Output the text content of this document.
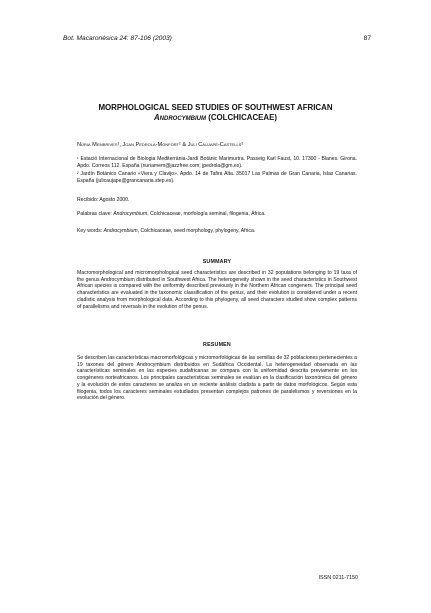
Bot. Macaronésica 24: 87-106 (2003)	87
MORPHOLOGICAL SEED STUDIES OF SOUTHWEST AFRICAN
Androcymbium (COLCHICACEAE)
Núria Membrives¹, Joan Pedrola-Monfort¹ & Juli Caujapé-Castells²
¹ Estació Internacional de Biologia Mediterrània-Jardí Botànic Marimurtra. Passeig Karl Faust, 10. 17300 - Blanes. Girona. Apdo. Correos 112. España (nuriamem@jazzfree.com; jpedrola@gm.es).
² Jardín Botánico Canario «Viera y Clavijo». Apdo. 14 de Tafira Alta. 35017 Las Palmas de Gran Canaria, Islas Canarias. España (julicaujape@grancanaria.step.es).
Recibido: Agosto 2000.
Palabras clave: Androcymbium, Colchicaceae, morfología seminal, filogenia, África.
Key words: Androcymbium, Colchicaceae, seed morphology, phylogeny, Africa.
SUMMARY
Macromorphological and micromorphological seed characteristics are described in 32 populations belonging to 19 taxa of the genus Androcymbium distributed in Southwest Africa. The heterogeneity shown in the seed characteristics in Southwest African species is compared with the uniformity described previously in the Northern African congeners. The principal seed characteristics are evaluated in the taxonomic classification of the genus, and their evolution is considered under a recent cladistic analysis from morphological data. According to this phylogeny, all seed characters studied show complex patterns of parallelisms and reversals in the evolution of the genus.
RESUMEN
Se describen las características macromorfológicas y micromorfológicas de las semillas de 32 poblaciones pertenecientes a 19 taxones del género Androcymbium distribuidos en Sudáfrica Occidental. La heterogeneidad observada en las características seminales en las especies sudafricanas se compara con la uniformidad descrita previamente en los congéneres norteafricanos. Los principales características seminales se evalúan en la clasificación taxonómica del género y la evolución de estos caracteres se analiza en un reciente análisis cladista a partir de datos morfológicos. Según esta filogenia, todos los caracteres seminales estudiados presentan complejos patrones de paralelismos y reversiones en la evolución del género.
ISSN 0211-7150
